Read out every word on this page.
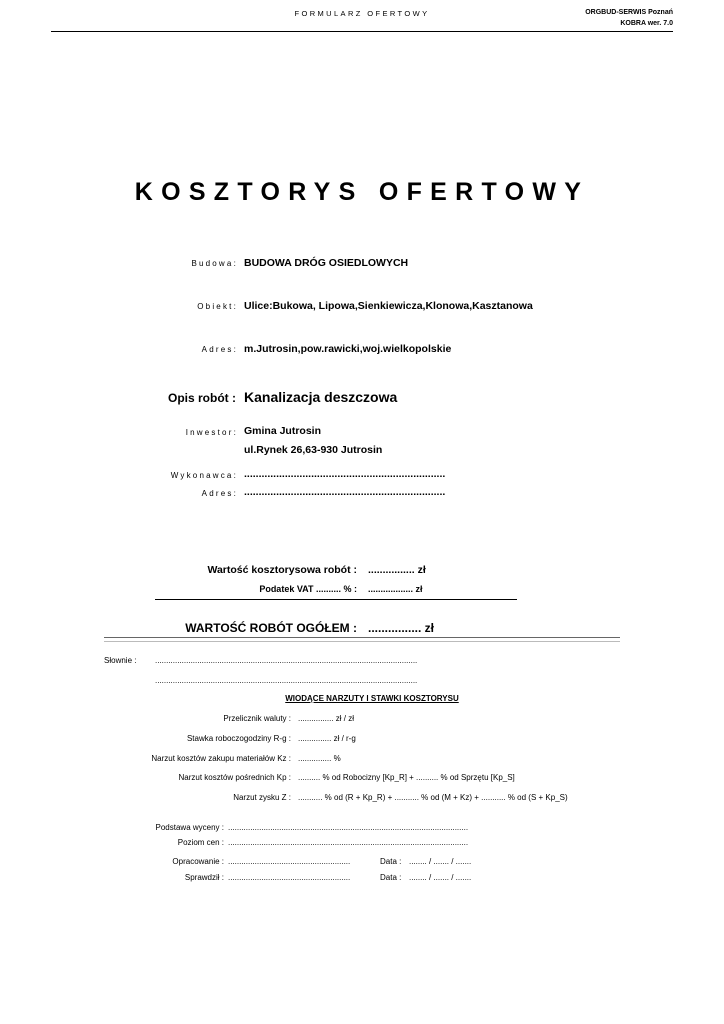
FORMULARZ OFERTOWY	ORGBUD-SERWIS Poznań
KOBRA wer. 7.0
KOSZTORYS OFERTOWY
Budowa: BUDOWA DRÓG OSIEDLOWYCH
Obiekt: Ulice:Bukowa, Lipowa,Sienkiewicza,Klonowa,Kasztanowa
Adres: m.Jutrosin,pow.rawicki,woj.wielkopolskie
Opis robót : Kanalizacja deszczowa
Inwestor: Gmina Jutrosin
ul.Rynek 26,63-930 Jutrosin
Wykonawca: .....................................................................
Adres: .....................................................................
Wartość kosztorysowa robót : ................ zł
Podatek VAT .......... % : .................. zł
WARTOŚĆ ROBÓT OGÓŁEM : ................ zł
Słownie : ......................................................................................................................
......................................................................................................................
WIODĄCE NARZUTY I STAWKI KOSZTORYSU
Przelicznik waluty : ................ zł / zł
Stawka roboczogodziny R-g : ............... zł / r-g
Narzut kosztów zakupu materiałów Kz : ............... %
Narzut kosztów pośrednich Kp : .......... % od Robocizny [Kp_R] + .......... % od Sprzętu [Kp_S]
Narzut zysku Z : ........... % od (R + Kp_R) + ........... % od (M + Kz) + ........... % od (S + Kp_S)
Podstawa wyceny : ............................................................................................................
Poziom cen : ............................................................................................................
Opracowanie : .......................................................	Data : ........ / ....... / .......
Sprawdził : .......................................................	Data : ........ / ....... / .......
